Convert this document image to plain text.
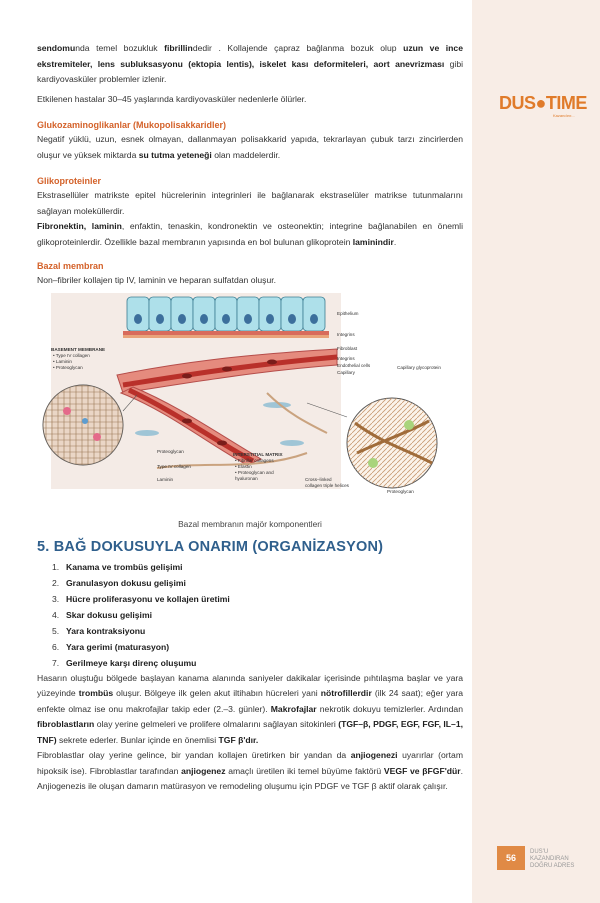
DUS●TIME
Kazandırır...
56
DUS'U
KAZANDIRAN
DOĞRU ADRES

sendomunda temel bozukluk fibrillindedir . Kollajende çapraz bağlanma bozuk olup uzun ve ince ekstremiteler, lens subluksasyonu (ektopia lentis), iskelet kası deformiteleri, aort anevrizması gibi kardiyovasküler problemler izlenir.

Etkilenen hastalar 30–45 yaşlarında kardiyovasküler nedenlerle ölürler.

Glukozaminoglikanlar (Mukopolisakkaridler)

Negatif yüklü, uzun, esnek olmayan, dallanmayan polisakkarid yapıda, tekrarlayan çubuk tarzı zincirlerden oluşur ve yüksek miktarda su tutma yeteneği olan maddelerdir.

Glikoproteinler

Ekstrasellüler matrikste epitel hücrelerinin integrinleri ile bağlanarak ekstraselüler matrikse tutunmalarını sağlayan moleküllerdir.

Fibronektin, laminin, enfaktin, tenaskin, kondronektin ve osteonektin; integrine bağlanabilen en önemli glikoproteinlerdir. Özellikle bazal membranın yapısında en bol bulunan glikoprotein laminindir.

Bazal membran

Non–fibriler kollajen tip IV, laminin ve heparan sulfatdan oluşur.

Epithelium
Integrins
Fibroblast
Integrins
Endothelial cells
Capillary
Capillary glycoprotein
BASEMENT MEMBRANE
• Type IV collagen
• Laminin
• Proteoglycan
Proteoglycan
Type IV collagen
Laminin
INTERSTITIAL MATRIX
• Fibrillar collagens
• Elastin
• Proteoglycan and
hyaluronan	Cross–linked
collagen triple helices
Proteoglycan
Bazal membranın majör komponentleri
5. BAĞ DOKUSUYLA ONARIM (ORGANİZASYON)
1. Kanama ve trombüs gelişimi
2. Granulasyon dokusu gelişimi
3. Hücre proliferasyonu ve kollajen üretimi
4. Skar dokusu gelişimi
5. Yara kontraksiyonu
6. Yara gerimi (maturasyon)
7. Gerilmeye karşı direnç oluşumu

Hasarın oluştuğu bölgede başlayan kanama alanında saniyeler dakikalar içerisinde pıhtılaşma başlar ve yara yüzeyinde trombüs oluşur. Bölgeye ilk gelen akut iltihabın hücreleri yani nötrofillerdir (ilk 24 saat); eğer yara enfekte olmaz ise onu makrofajlar takip eder (2.–3. günler). Makrofajlar nekrotik dokuyu temizlerler. Ardından fibroblastların olay yerine gelmeleri ve prolifere olmalarını sağlayan sitokinleri (TGF–β, PDGF, EGF, FGF, IL–1, TNF) sekrete ederler. Bunlar içinde en önemlisi TGF β'dır.

Fibroblastlar olay yerine gelince, bir yandan kollajen üretirken bir yandan da anjiogenezi uyarırlar (ortam hipoksik ise). Fibroblastlar tarafından anjiogenez amaçlı üretilen iki temel büyüme faktörü VEGF ve βFGF'dür. Anjiogenezis ile oluşan damarın matürasyon ve remodeling oluşumu için PDGF ve TGF β aktif olarak çalışır.
